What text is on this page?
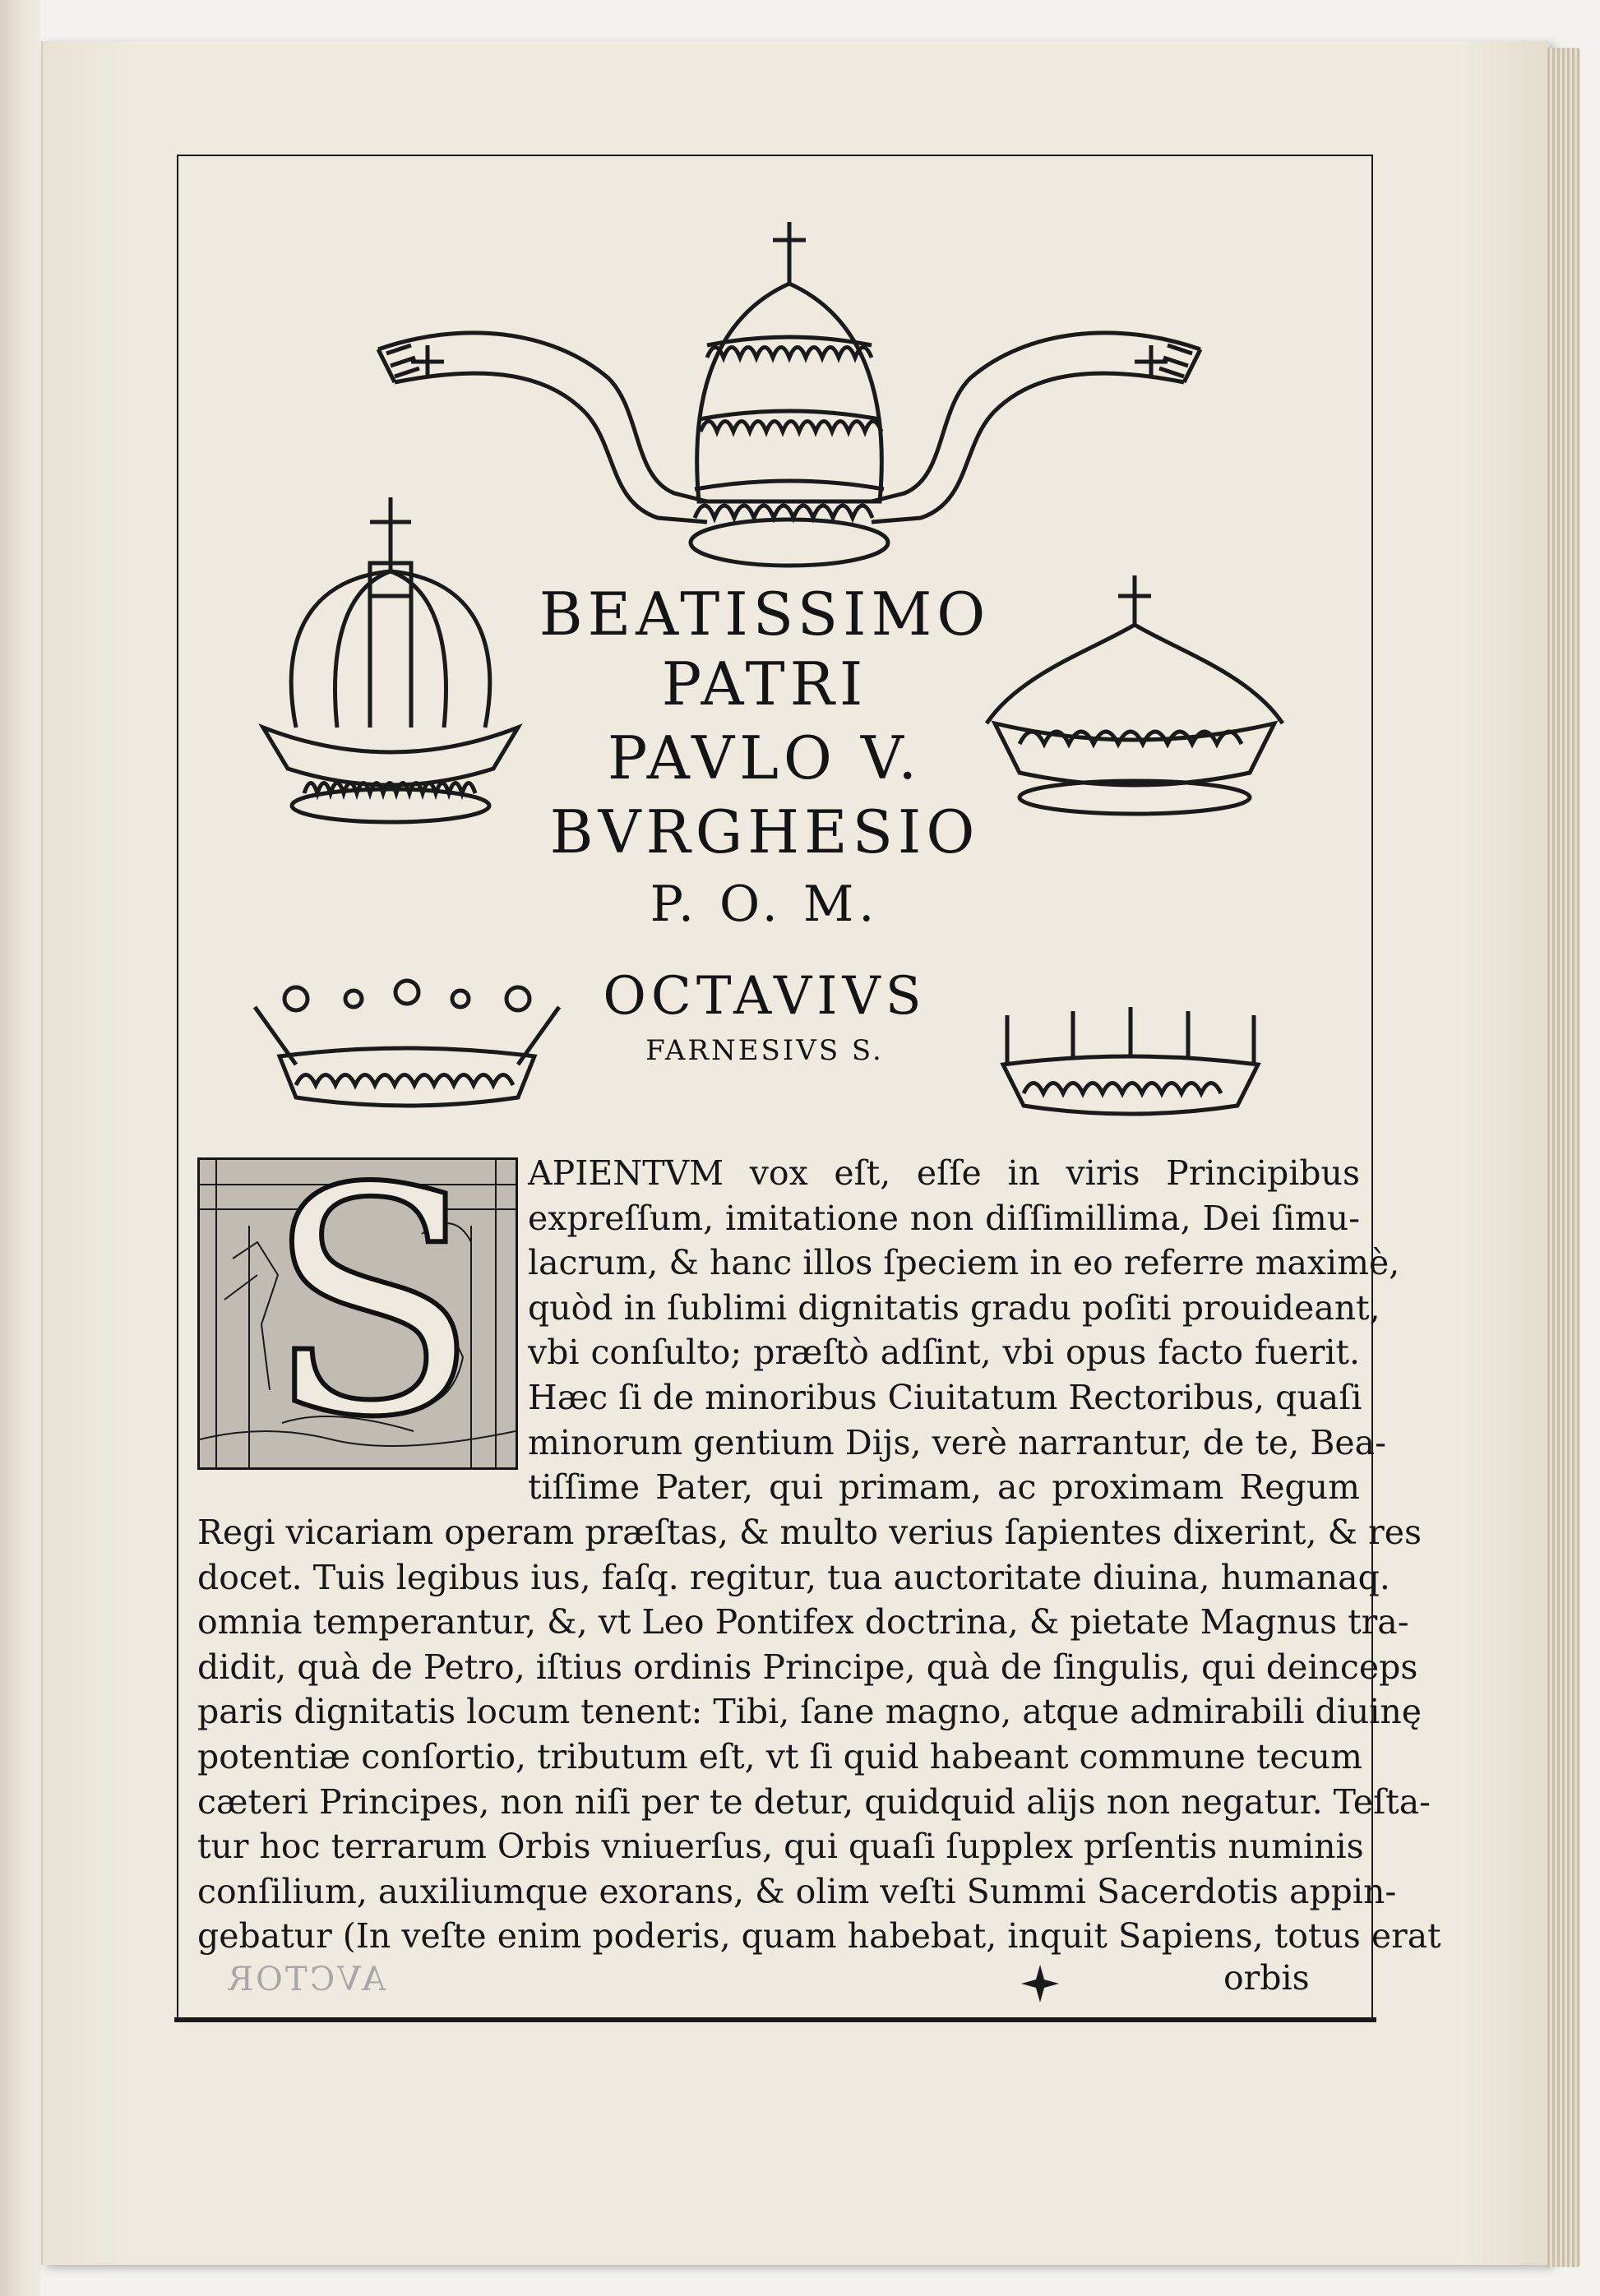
AVCTOR
BEATISSIMO
PATRI
PAVLO V.
BVRGHESIO
P. O. M.
OCTAVIVS
FARNESIVS S.
S APIENTVM vox eſt, eſſe in viris Principibus
expreſſum, imitatione non diſſimillima, Dei ſimu-
lacrum, & hanc illos ſpeciem in eo referre maximè,
quòd in ſublimi dignitatis gradu poſiti prouideant,
vbi conſulto; præſtò adſint, vbi opus facto fuerit.
Hæc ſi de minoribus Ciuitatum Rectoribus, quaſi
minorum gentium Dijs, verè narrantur, de te, Bea-
tiſſime Pater, qui primam, ac proximam Regum
Regi vicariam operam præſtas, & multo verius ſapientes dixerint, & res
docet. Tuis legibus ius, faſq. regitur, tua auctoritate diuina, humanaq.
omnia temperantur, &, vt Leo Pontifex doctrina, & pietate Magnus tra-
didit, quà de Petro, iſtius ordinis Principe, quà de ſingulis, qui deinceps
paris dignitatis locum tenent: Tibi, ſane magno, atque admirabili diuinę
potentiæ conſortio, tributum eſt, vt ſi quid habeant commune tecum
cæteri Principes, non niſi per te detur, quidquid alijs non negatur. Teſta-
tur hoc terrarum Orbis vniuerſus, qui quaſi ſupplex prſentis numinis
conſilium, auxiliumque exorans, & olim veſti Summi Sacerdotis appin-
gebatur (In veſte enim poderis, quam habebat, inquit Sapiens, totus erat
orbis
